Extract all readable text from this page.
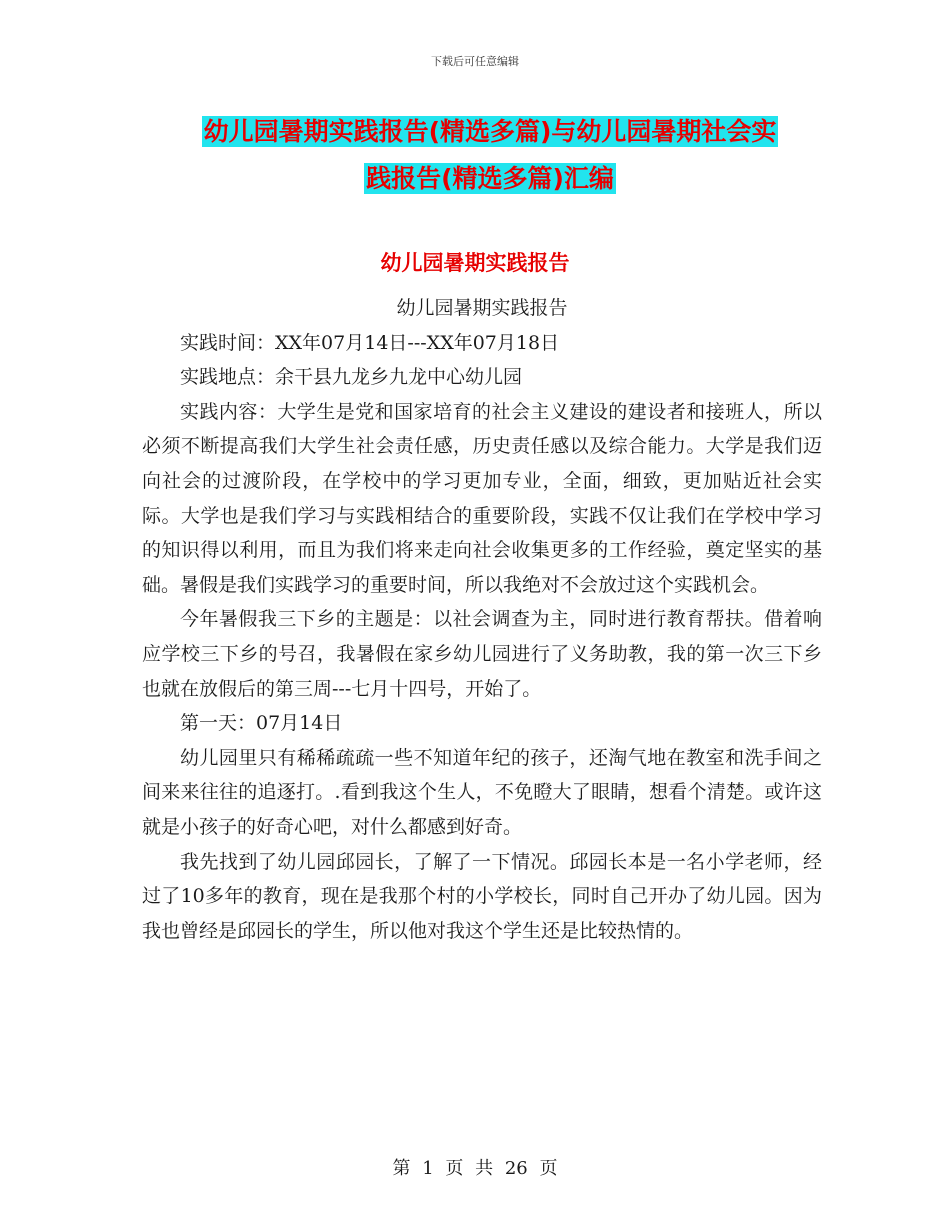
下载后可任意编辑
幼儿园暑期实践报告(精选多篇)与幼儿园暑期社会实
践报告(精选多篇)汇编
幼儿园暑期实践报告

幼儿园暑期实践报告

实践时间：XX年07月14日---XX年07月18日

实践地点：余干县九龙乡九龙中心幼儿园

实践内容：大学生是党和国家培育的社会主义建设的建设者和接班人，所以必须不断提高我们大学生社会责任感，历史责任感以及综合能力。大学是我们迈向社会的过渡阶段，在学校中的学习更加专业，全面，细致，更加贴近社会实际。大学也是我们学习与实践相结合的重要阶段，实践不仅让我们在学校中学习的知识得以利用，而且为我们将来走向社会收集更多的工作经验，奠定坚实的基础。暑假是我们实践学习的重要时间，所以我绝对不会放过这个实践机会。

今年暑假我三下乡的主题是：以社会调查为主，同时进行教育帮扶。借着响应学校三下乡的号召，我暑假在家乡幼儿园进行了义务助教，我的第一次三下乡也就在放假后的第三周---七月十四号，开始了。

第一天：07月14日

幼儿园里只有稀稀疏疏一些不知道年纪的孩子，还淘气地在教室和洗手间之间来来往往的追逐打。.看到我这个生人，不免瞪大了眼睛，想看个清楚。或许这就是小孩子的好奇心吧，对什么都感到好奇。

我先找到了幼儿园邱园长，了解了一下情况。邱园长本是一名小学老师，经过了10多年的教育，现在是我那个村的小学校长，同时自己开办了幼儿园。因为我也曾经是邱园长的学生，所以他对我这个学生还是比较热情的。

第 1 页 共 26 页
